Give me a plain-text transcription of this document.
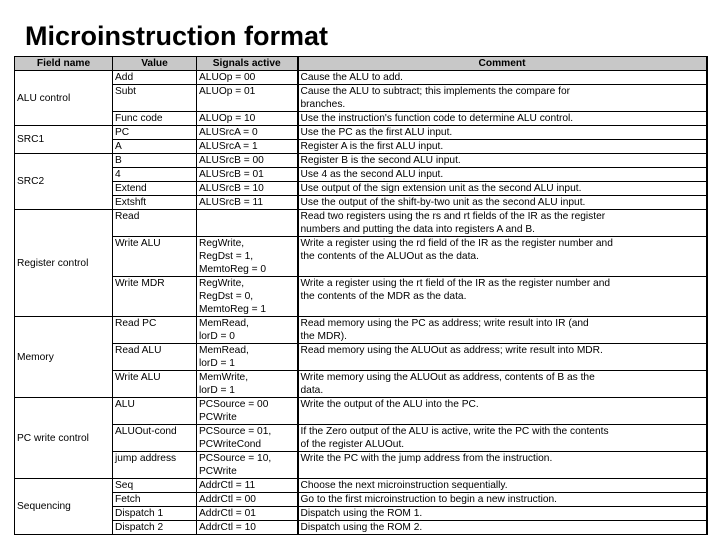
Microinstruction format
Field name	Value	Signals active	Comment
ALU control	Add	ALUOp = 00	Cause the ALU to add.

	Subt	ALUOp = 01	Cause the ALU to subtract; this implements the compare for
branches.

	Func code	ALUOp = 10	Use the instruction's function code to determine ALU control.

SRC1	PC	ALUSrcA = 0	Use the PC as the first ALU input.

	A	ALUSrcA = 1	Register A is the first ALU input.

SRC2	B	ALUSrcB = 00	Register B is the second ALU input.

	4	ALUSrcB = 01	Use 4 as the second ALU input.

	Extend	ALUSrcB = 10	Use output of the sign extension unit as the second ALU input.

	Extshft	ALUSrcB = 11	Use the output of the shift-by-two unit as the second ALU input.

Register control	Read		Read two registers using the rs and rt fields of the IR as the register
numbers and putting the data into registers A and B.

	Write ALU	RegWrite,
RegDst = 1,
MemtoReg = 0	Write a register using the rd field of the IR as the register number and
the contents of the ALUOut as the data.

	Write MDR	RegWrite,
RegDst = 0,
MemtoReg = 1	Write a register using the rt field of the IR as the register number and
the contents of the MDR as the data.

Memory	Read PC	MemRead,
lorD = 0	Read memory using the PC as address; write result into IR (and
the MDR).

	Read ALU	MemRead,
lorD = 1	Read memory using the ALUOut as address; write result into MDR.

	Write ALU	MemWrite,
lorD = 1	Write memory using the ALUOut as address, contents of B as the
data.

PC write control	ALU	PCSource = 00
PCWrite	Write the output of the ALU into the PC.

	ALUOut-cond	PCSource = 01,
PCWriteCond	If the Zero output of the ALU is active, write the PC with the contents
of the register ALUOut.

	jump address	PCSource = 10,
PCWrite	Write the PC with the jump address from the instruction.

Sequencing	Seq	AddrCtl = 11	Choose the next microinstruction sequentially.

	Fetch	AddrCtl = 00	Go to the first microinstruction to begin a new instruction.

	Dispatch 1	AddrCtl = 01	Dispatch using the ROM 1.

	Dispatch 2	AddrCtl = 10	Dispatch using the ROM 2.
